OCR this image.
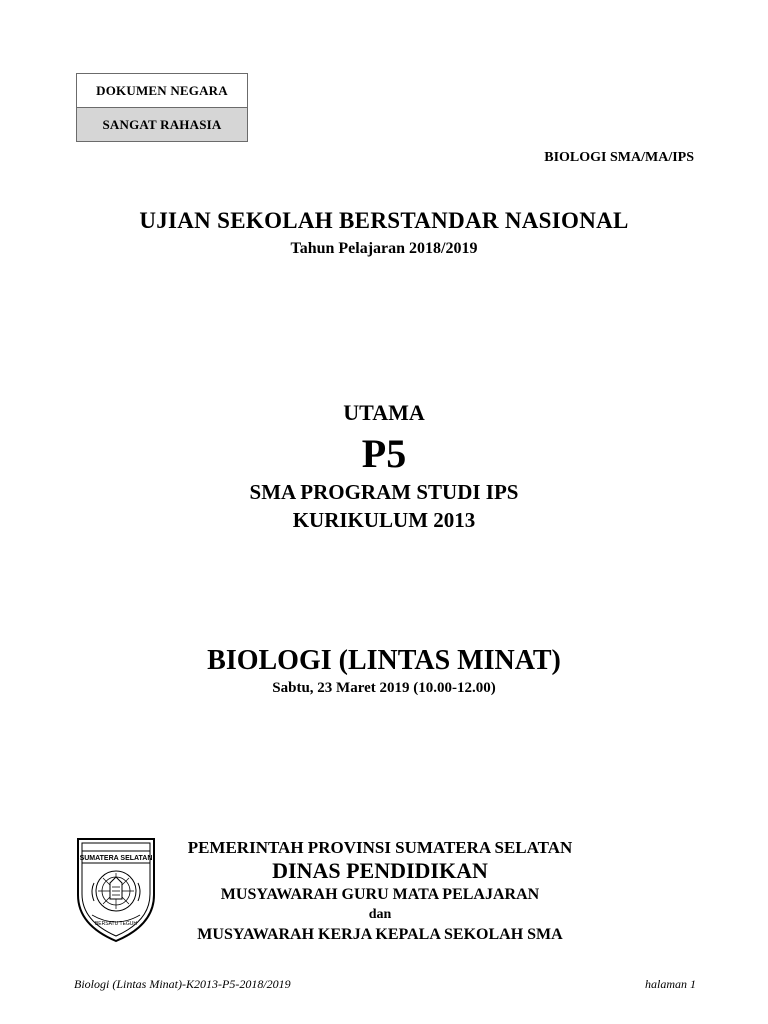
DOKUMEN NEGARA
SANGAT RAHASIA
BIOLOGI SMA/MA/IPS
UJIAN SEKOLAH BERSTANDAR NASIONAL
Tahun Pelajaran 2018/2019
UTAMA
P5
SMA PROGRAM STUDI IPS
KURIKULUM 2013
BIOLOGI (LINTAS MINAT)
Sabtu, 23 Maret 2019 (10.00-12.00)
SUMATERA SELATAN
BERSATU TEGUH
PEMERINTAH PROVINSI SUMATERA SELATAN
DINAS PENDIDIKAN
MUSYAWARAH GURU MATA PELAJARAN
dan
MUSYAWARAH KERJA KEPALA SEKOLAH SMA
Biologi (Lintas Minat)-K2013-P5-2018/2019	halaman 1
